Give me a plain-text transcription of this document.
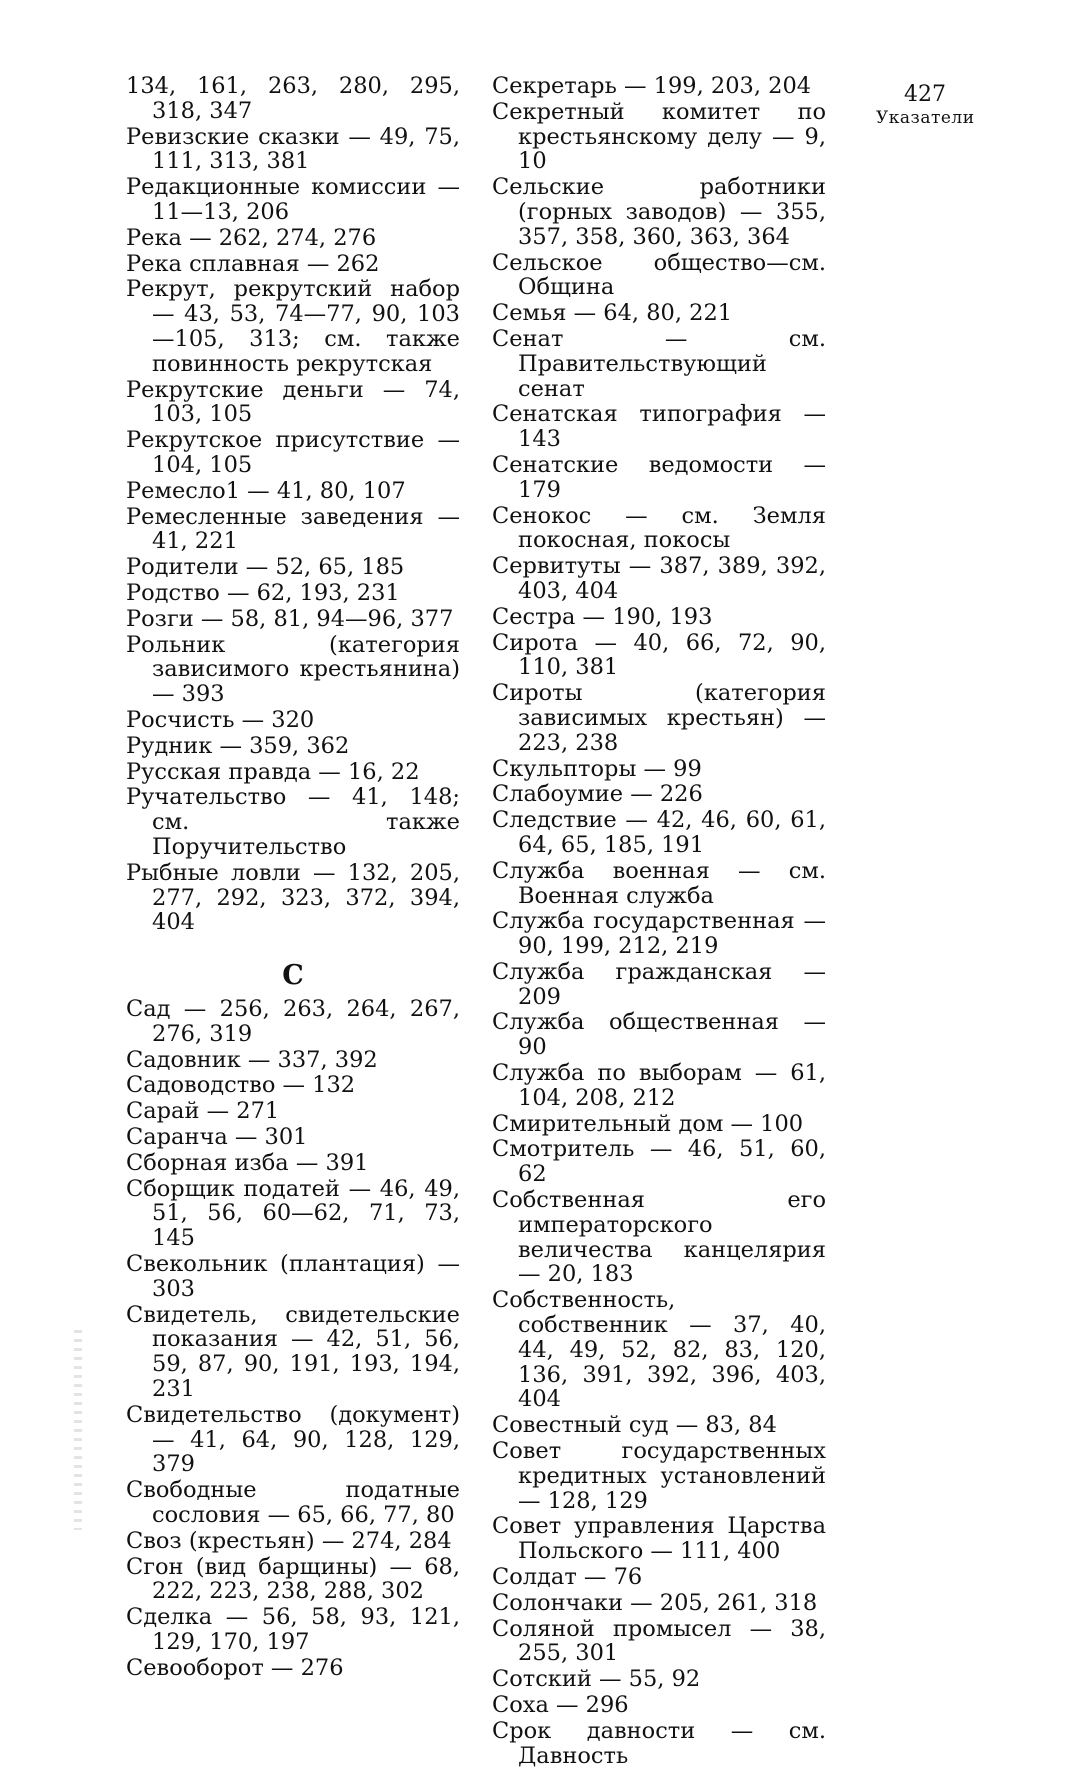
134, 161, 263, 280, 295, 318, 347
Ревизские сказки — 49, 75, 111, 313, 381
Редакционные комиссии — 11—13, 206
Река — 262, 274, 276
Река сплавная — 262
Рекрут, рекрутский набор — 43, 53, 74—77, 90, 103—105, 313; см. также повинность рекрутская
Рекрутские деньги — 74, 103, 105
Рекрутское присутствие — 104, 105
Ремесло1 — 41, 80, 107
Ремесленные заведения — 41, 221
Родители — 52, 65, 185
Родство — 62, 193, 231
Розги — 58, 81, 94—96, 377
Рольник (категория зависимого крестьянина) — 393
Росчисть — 320
Рудник — 359, 362
Русская правда — 16, 22
Ручательство — 41, 148; см. также Поручительство
Рыбные ловли — 132, 205, 277, 292, 323, 372, 394, 404
С
Сад — 256, 263, 264, 267, 276, 319
Садовник — 337, 392
Садоводство — 132
Сарай — 271
Саранча — 301
Сборная изба — 391
Сборщик податей — 46, 49, 51, 56, 60—62, 71, 73, 145
Свекольник (плантация) — 303
Свидетель, свидетельские показания — 42, 51, 56, 59, 87, 90, 191, 193, 194, 231
Свидетельство (документ) — 41, 64, 90, 128, 129, 379
Свободные податные сословия — 65, 66, 77, 80
Своз (крестьян) — 274, 284
Сгон (вид барщины) — 68, 222, 223, 238, 288, 302
Сделка — 56, 58, 93, 121, 129, 170, 197
Севооборот — 276
Секретарь — 199, 203, 204
Секретный комитет по крестьянскому делу — 9, 10
Сельские работники (горных заводов) — 355, 357, 358, 360, 363, 364
Сельское общество—см. Община
Семья — 64, 80, 221
Сенат — см. Правительствующий сенат
Сенатская типография — 143
Сенатские ведомости — 179
Сенокос — см. Земля покосная, покосы
Сервитуты — 387, 389, 392, 403, 404
Сестра — 190, 193
Сирота — 40, 66, 72, 90, 110, 381
Сироты (категория зависимых крестьян) — 223, 238
Скульпторы — 99
Слабоумие — 226
Следствие — 42, 46, 60, 61, 64, 65, 185, 191
Служба военная — см. Военная служба
Служба государственная — 90, 199, 212, 219
Служба гражданская — 209
Служба общественная — 90
Служба по выборам — 61, 104, 208, 212
Смирительный дом — 100
Смотритель — 46, 51, 60, 62
Собственная его императорского величества канцелярия — 20, 183
Собственность, собственник — 37, 40, 44, 49, 52, 82, 83, 120, 136, 391, 392, 396, 403, 404
Совестный суд — 83, 84
Совет государственных кредитных установлений — 128, 129
Совет управления Царства Польского — 111, 400
Солдат — 76
Солончаки — 205, 261, 318
Соляной промысел — 38, 255, 301
Сотский — 55, 92
Соха — 296
Срок давности — см. Давность
427
Указатели
